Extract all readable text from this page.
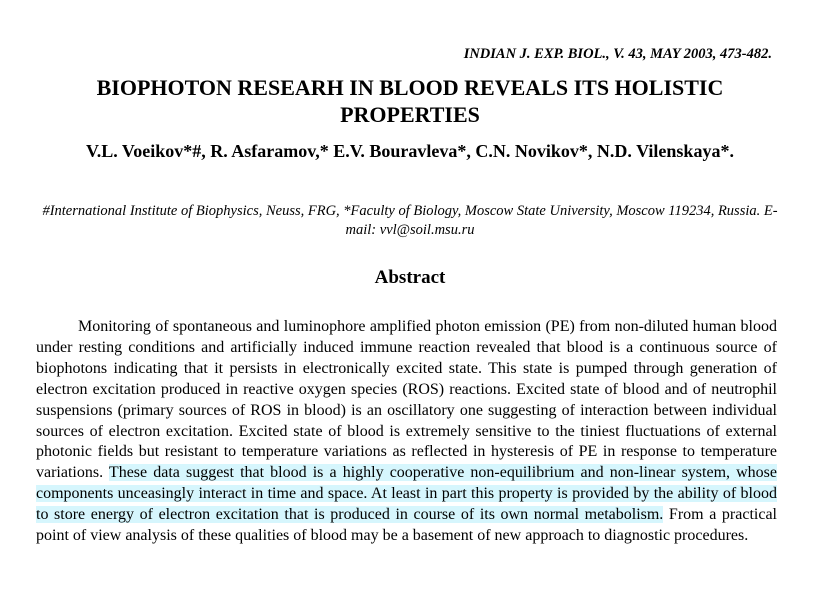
INDIAN J. EXP. BIOL., V. 43, MAY 2003, 473-482.
BIOPHOTON RESEARH IN BLOOD REVEALS ITS HOLISTIC PROPERTIES
V.L. Voeikov*#, R. Asfaramov,* E.V. Bouravleva*, C.N. Novikov*, N.D. Vilenskaya*.
#International Institute of Biophysics, Neuss, FRG, *Faculty of Biology, Moscow State University, Moscow 119234, Russia. E-mail: vvl@soil.msu.ru
Abstract

Monitoring of spontaneous and luminophore amplified photon emission (PE) from non-diluted human blood under resting conditions and artificially induced immune reaction revealed that blood is a continuous source of biophotons indicating that it persists in electronically excited state. This state is pumped through generation of electron excitation produced in reactive oxygen species (ROS) reactions. Excited state of blood and of neutrophil suspensions (primary sources of ROS in blood) is an oscillatory one suggesting of interaction between individual sources of electron excitation. Excited state of blood is extremely sensitive to the tiniest fluctuations of external photonic fields but resistant to temperature variations as reflected in hysteresis of PE in response to temperature variations. These data suggest that blood is a highly cooperative non-equilibrium and non-linear system, whose components unceasingly interact in time and space. At least in part this property is provided by the ability of blood to store energy of electron excitation that is produced in course of its own normal metabolism. From a practical point of view analysis of these qualities of blood may be a basement of new approach to diagnostic procedures.
